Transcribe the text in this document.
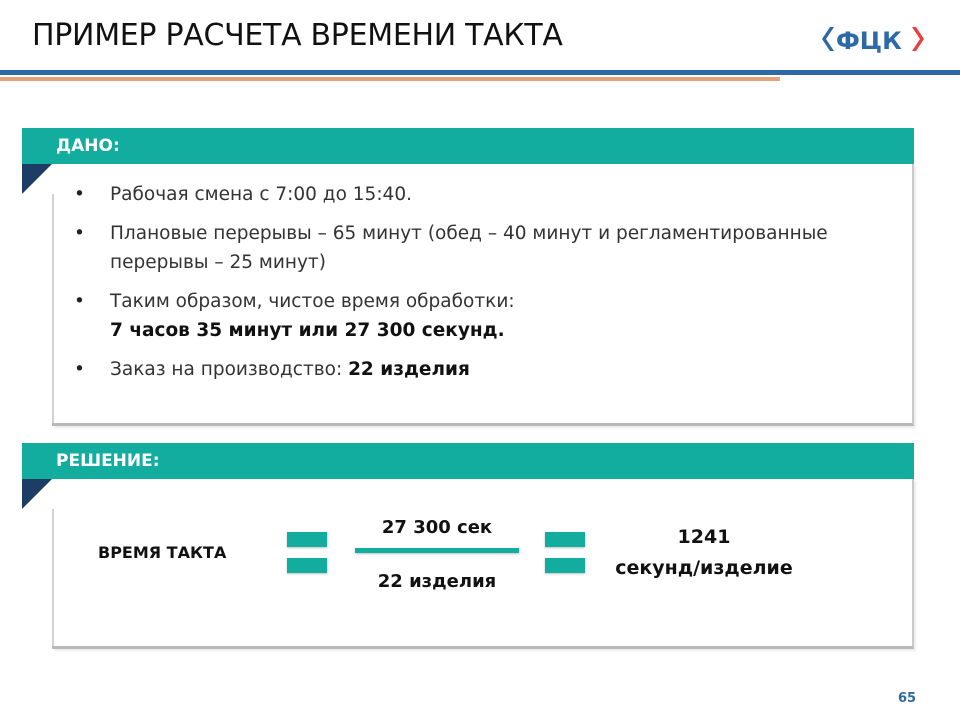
ПРИМЕР РАСЧЕТА ВРЕМЕНИ ТАКТА	ФЦК
ДАНО:
• Рабочая смена с 7:00 до 15:40.
• Плановые перерывы – 65 минут (обед – 40 минут и регламентированные перерывы – 25 минут)
• Таким образом, чистое время обработки:
7 часов 35 минут или 27 300 секунд.
• Заказ на производство: 22 изделия
РЕШЕНИЕ:
ВРЕМЯ ТАКТА
27 300 сек
22 изделия
1241
секунд/изделие
65
